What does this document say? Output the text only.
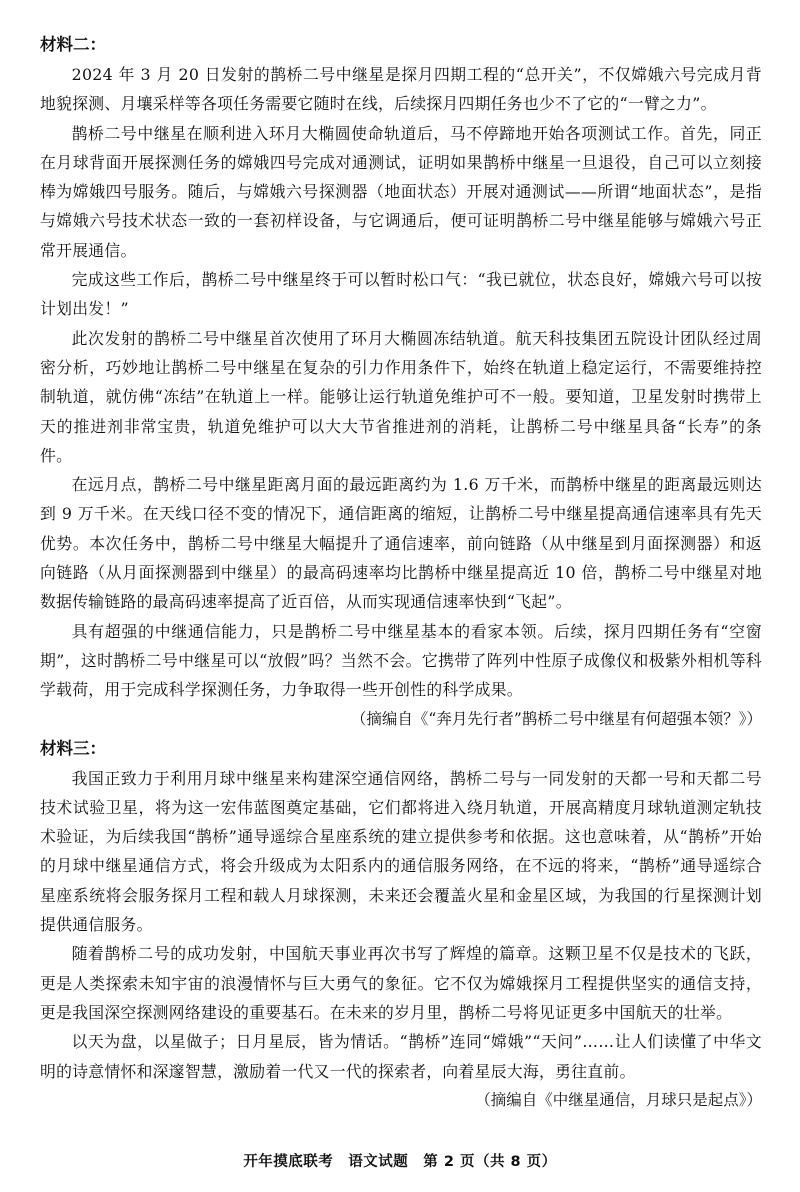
材料二：

2024 年 3 月 20 日发射的鹊桥二号中继星是探月四期工程的“总开关”，不仅嫦娥六号完成月背地貌探测、月壤采样等各项任务需要它随时在线，后续探月四期任务也少不了它的“一臂之力”。

鹊桥二号中继星在顺利进入环月大椭圆使命轨道后，马不停蹄地开始各项测试工作。首先，同正在月球背面开展探测任务的嫦娥四号完成对通测试，证明如果鹊桥中继星一旦退役，自己可以立刻接棒为嫦娥四号服务。随后，与嫦娥六号探测器（地面状态）开展对通测试——所谓“地面状态”，是指与嫦娥六号技术状态一致的一套初样设备，与它调通后，便可证明鹊桥二号中继星能够与嫦娥六号正常开展通信。

完成这些工作后，鹊桥二号中继星终于可以暂时松口气：“我已就位，状态良好，嫦娥六号可以按计划出发！”

此次发射的鹊桥二号中继星首次使用了环月大椭圆冻结轨道。航天科技集团五院设计团队经过周密分析，巧妙地让鹊桥二号中继星在复杂的引力作用条件下，始终在轨道上稳定运行，不需要维持控制轨道，就仿佛“冻结”在轨道上一样。能够让运行轨道免维护可不一般。要知道，卫星发射时携带上天的推进剂非常宝贵，轨道免维护可以大大节省推进剂的消耗，让鹊桥二号中继星具备“长寿”的条件。

在远月点，鹊桥二号中继星距离月面的最远距离约为 1.6 万千米，而鹊桥中继星的距离最远则达到 9 万千米。在天线口径不变的情况下，通信距离的缩短，让鹊桥二号中继星提高通信速率具有先天优势。本次任务中，鹊桥二号中继星大幅提升了通信速率，前向链路（从中继星到月面探测器）和返向链路（从月面探测器到中继星）的最高码速率均比鹊桥中继星提高近 10 倍，鹊桥二号中继星对地数据传输链路的最高码速率提高了近百倍，从而实现通信速率快到“飞起”。

具有超强的中继通信能力，只是鹊桥二号中继星基本的看家本领。后续，探月四期任务有“空窗期”，这时鹊桥二号中继星可以“放假”吗？当然不会。它携带了阵列中性原子成像仪和极紫外相机等科学载荷，用于完成科学探测任务，力争取得一些开创性的科学成果。

（摘编自《“奔月先行者”鹊桥二号中继星有何超强本领？》）

材料三：

我国正致力于利用月球中继星来构建深空通信网络，鹊桥二号与一同发射的天都一号和天都二号技术试验卫星，将为这一宏伟蓝图奠定基础，它们都将进入绕月轨道，开展高精度月球轨道测定轨技术验证，为后续我国“鹊桥”通导遥综合星座系统的建立提供参考和依据。这也意味着，从“鹊桥”开始的月球中继星通信方式，将会升级成为太阳系内的通信服务网络，在不远的将来，“鹊桥”通导遥综合星座系统将会服务探月工程和载人月球探测，未来还会覆盖火星和金星区域，为我国的行星探测计划提供通信服务。

随着鹊桥二号的成功发射，中国航天事业再次书写了辉煌的篇章。这颗卫星不仅是技术的飞跃，更是人类探索未知宇宙的浪漫情怀与巨大勇气的象征。它不仅为嫦娥探月工程提供坚实的通信支持，更是我国深空探测网络建设的重要基石。在未来的岁月里，鹊桥二号将见证更多中国航天的壮举。

以天为盘，以星做子；日月星辰，皆为情话。“鹊桥”连同“嫦娥”“天问”……让人们读懂了中华文明的诗意情怀和深邃智慧，激励着一代又一代的探索者，向着星辰大海，勇往直前。

（摘编自《中继星通信，月球只是起点》）

开年摸底联考　语文试题　第 2 页（共 8 页）
